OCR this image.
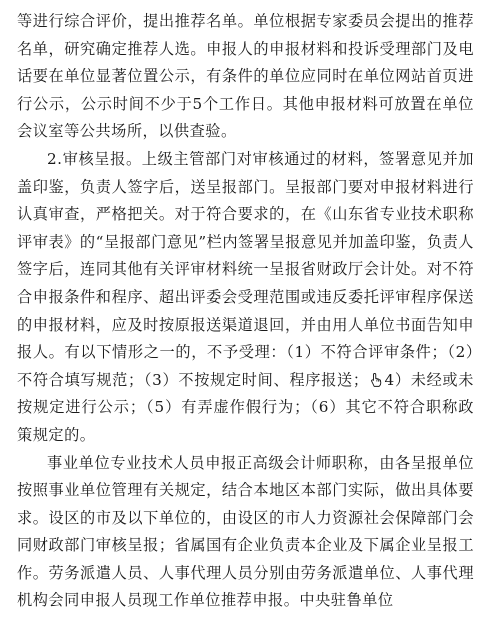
等进行综合评价，提出推荐名单。单位根据专家委员会提出的推荐名单，研究确定推荐人选。申报人的申报材料和投诉受理部门及电话要在单位显著位置公示，有条件的单位应同时在单位网站首页进行公示，公示时间不少于5个工作日。其他申报材料可放置在单位会议室等公共场所，以供查验。

2.审核呈报。上级主管部门对审核通过的材料，签署意见并加盖印鉴，负责人签字后，送呈报部门。呈报部门要对申报材料进行认真审查，严格把关。对于符合要求的，在《山东省专业技术职称评审表》的“呈报部门意见”栏内签署呈报意见并加盖印鉴，负责人签字后，连同其他有关评审材料统一呈报省财政厅会计处。对不符合申报条件和程序、超出评委会受理范围或违反委托评审程序保送的申报材料，应及时按原报送渠道退回，并由用人单位书面告知申报人。有以下情形之一的，不予受理：（1）不符合评审条件；（2）不符合填写规范；（3）不按规定时间、程序报送； 4）未经或未按规定进行公示；（5）有弄虚作假行为；（6）其它不符合职称政策规定的。

事业单位专业技术人员申报正高级会计师职称，由各呈报单位按照事业单位管理有关规定，结合本地区本部门实际，做出具体要求。设区的市及以下单位的，由设区的市人力资源社会保障部门会同财政部门审核呈报；省属国有企业负责本企业及下属企业呈报工作。劳务派遣人员、人事代理人员分别由劳务派遣单位、人事代理机构会同申报人员现工作单位推荐申报。中央驻鲁单位
